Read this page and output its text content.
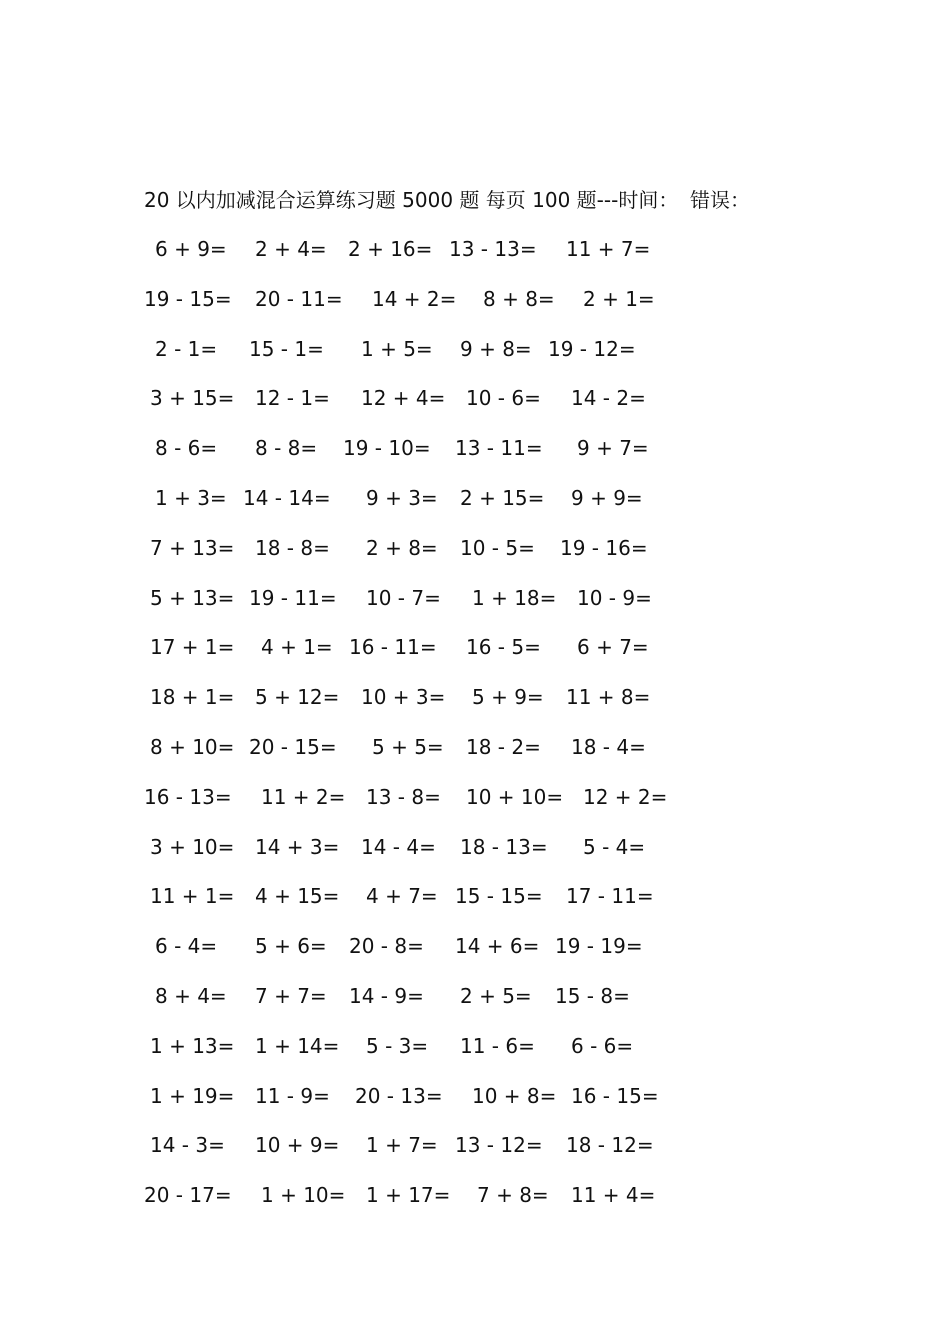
20 以内加减混合运算练习题 5000 题 每页 100 题---时间： 错误：
6 + 9= 2 + 4= 2 + 16= 13 - 13= 11 + 7=
19 - 15= 20 - 11= 14 + 2= 8 + 8= 2 + 1=
2 - 1= 15 - 1= 1 + 5= 9 + 8= 19 - 12=
3 + 15= 12 - 1= 12 + 4= 10 - 6= 14 - 2=
8 - 6= 8 - 8= 19 - 10= 13 - 11= 9 + 7=
1 + 3= 14 - 14= 9 + 3= 2 + 15= 9 + 9=
7 + 13= 18 - 8= 2 + 8= 10 - 5= 19 - 16=
5 + 13= 19 - 11= 10 - 7= 1 + 18= 10 - 9=
17 + 1= 4 + 1= 16 - 11= 16 - 5= 6 + 7=
18 + 1= 5 + 12= 10 + 3= 5 + 9= 11 + 8=
8 + 10= 20 - 15= 5 + 5= 18 - 2= 18 - 4=
16 - 13= 11 + 2= 13 - 8= 10 + 10= 12 + 2=
3 + 10= 14 + 3= 14 - 4= 18 - 13= 5 - 4=
11 + 1= 4 + 15= 4 + 7= 15 - 15= 17 - 11=
6 - 4= 5 + 6= 20 - 8= 14 + 6= 19 - 19=
8 + 4= 7 + 7= 14 - 9= 2 + 5= 15 - 8=
1 + 13= 1 + 14= 5 - 3= 11 - 6= 6 - 6=
1 + 19= 11 - 9= 20 - 13= 10 + 8= 16 - 15=
14 - 3= 10 + 9= 1 + 7= 13 - 12= 18 - 12=
20 - 17= 1 + 10= 1 + 17= 7 + 8= 11 + 4=
